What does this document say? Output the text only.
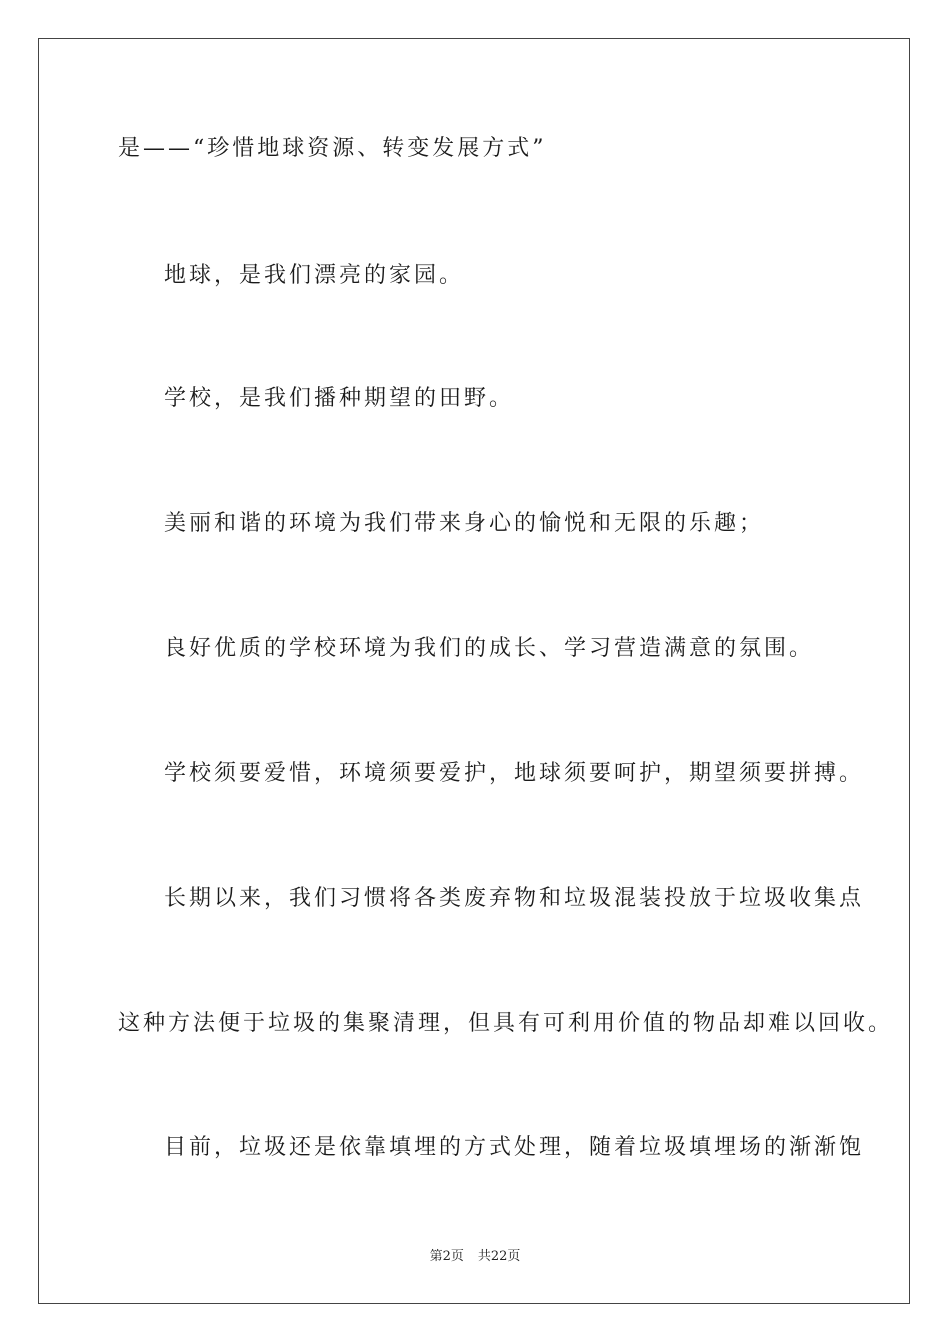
是——“珍惜地球资源、转变发展方式”
地球，是我们漂亮的家园。
学校，是我们播种期望的田野。
美丽和谐的环境为我们带来身心的愉悦和无限的乐趣；
良好优质的学校环境为我们的成长、学习营造满意的氛围。
学校须要爱惜，环境须要爱护，地球须要呵护，期望须要拼搏。
长期以来，我们习惯将各类废弃物和垃圾混装投放于垃圾收集点
这种方法便于垃圾的集聚清理，但具有可利用价值的物品却难以回收。
目前，垃圾还是依靠填埋的方式处理，随着垃圾填埋场的渐渐饱
第2页 共22页
